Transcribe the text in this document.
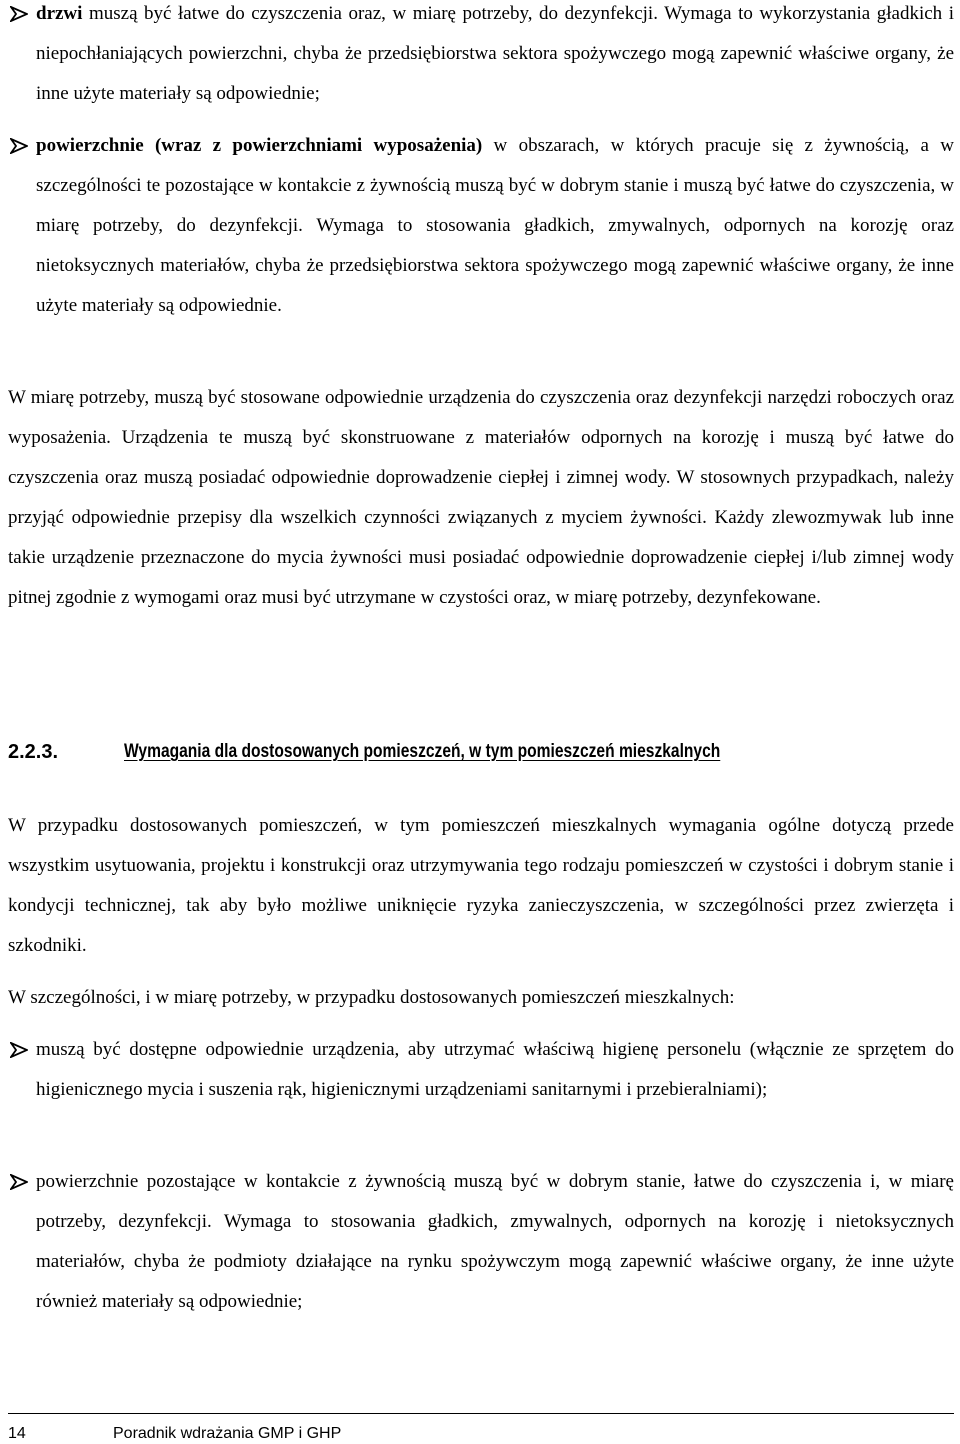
drzwi muszą być łatwe do czyszczenia oraz, w miarę potrzeby, do dezynfekcji. Wymaga to wykorzystania gładkich i niepochłaniających powierzchni, chyba że przedsiębiorstwa sektora spożywczego mogą zapewnić właściwe organy, że inne użyte materiały są odpowiednie;
powierzchnie (wraz z powierzchniami wyposażenia) w obszarach, w których pracuje się z żywnością, a w szczególności te pozostające w kontakcie z żywnością muszą być w dobrym stanie i muszą być łatwe do czyszczenia, w miarę potrzeby, do dezynfekcji. Wymaga to stosowania gładkich, zmywalnych, odpornych na korozję oraz nietoksycznych materiałów, chyba że przedsiębiorstwa sektora spożywczego mogą zapewnić właściwe organy, że inne użyte materiały są odpowiednie.

W miarę potrzeby, muszą być stosowane odpowiednie urządzenia do czyszczenia oraz dezynfekcji narzędzi roboczych oraz wyposażenia. Urządzenia te muszą być skonstruowane z materiałów odpornych na korozję i muszą być łatwe do czyszczenia oraz muszą posiadać odpowiednie doprowadzenie ciepłej i zimnej wody. W stosownych przypadkach, należy przyjąć odpowiednie przepisy dla wszelkich czynności związanych z myciem żywności. Każdy zlewozmywak lub inne takie urządzenie przeznaczone do mycia żywności musi posiadać odpowiednie doprowadzenie ciepłej i/lub zimnej wody pitnej zgodnie z wymogami oraz musi być utrzymane w czystości oraz, w miarę potrzeby, dezynfekowane.

2.2.3.	Wymagania dla dostosowanych pomieszczeń, w tym pomieszczeń mieszkalnych

W przypadku dostosowanych pomieszczeń, w tym pomieszczeń mieszkalnych wymagania ogólne dotyczą przede wszystkim usytuowania, projektu i konstrukcji oraz utrzymywania tego rodzaju pomieszczeń w czystości i dobrym stanie i kondycji technicznej, tak aby było możliwe uniknięcie ryzyka zanieczyszczenia, w szczególności przez zwierzęta i szkodniki.

W szczególności, i w miarę potrzeby, w przypadku dostosowanych pomieszczeń mieszkalnych:

muszą być dostępne odpowiednie urządzenia, aby utrzymać właściwą higienę personelu (włącznie ze sprzętem do higienicznego mycia i suszenia rąk, higienicznymi urządzeniami sanitarnymi i przebieralniami);
powierzchnie pozostające w kontakcie z żywnością muszą być w dobrym stanie, łatwe do czyszczenia i, w miarę potrzeby, dezynfekcji. Wymaga to stosowania gładkich, zmywalnych, odpornych na korozję i nietoksycznych materiałów, chyba że podmioty działające na rynku spożywczym mogą zapewnić właściwe organy, że inne użyte również materiały są odpowiednie;
14	Poradnik wdrażania GMP i GHP
